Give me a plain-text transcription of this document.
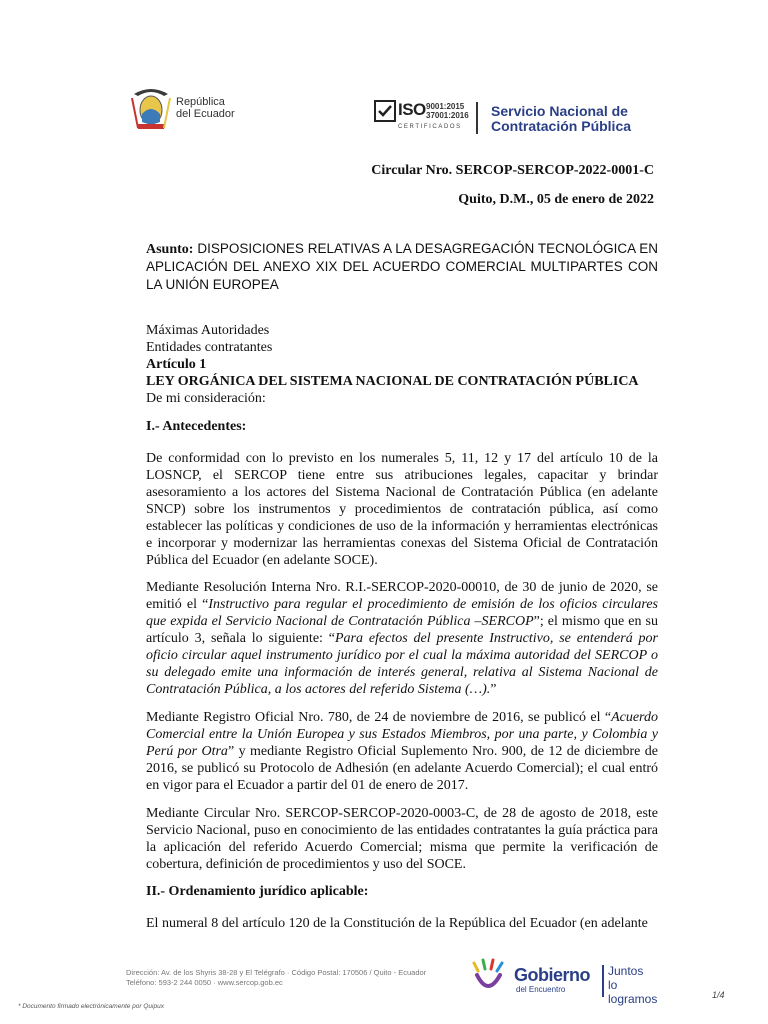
República
del Ecuador	ISO 9001:2015
37001:2016
CERTIFICADOS
Servicio Nacional de
Contratación Pública
Circular Nro. SERCOP-SERCOP-2022-0001-C
Quito, D.M., 05 de enero de 2022

Asunto: DISPOSICIONES RELATIVAS A LA DESAGREGACIÓN TECNOLÓGICA EN APLICACIÓN DEL ANEXO XIX DEL ACUERDO COMERCIAL MULTIPARTES CON LA UNIÓN EUROPEA

Máximas Autoridades

Entidades contratantes

Artículo 1

LEY ORGÁNICA DEL SISTEMA NACIONAL DE CONTRATACIÓN PÚBLICA

De mi consideración:

I.- Antecedentes:

De conformidad con lo previsto en los numerales 5, 11, 12 y 17 del artículo 10 de la LOSNCP, el SERCOP tiene entre sus atribuciones legales, capacitar y brindar asesoramiento a los actores del Sistema Nacional de Contratación Pública (en adelante SNCP) sobre los instrumentos y procedimientos de contratación pública, así como establecer las políticas y condiciones de uso de la información y herramientas electrónicas e incorporar y modernizar las herramientas conexas del Sistema Oficial de Contratación Pública del Ecuador (en adelante SOCE).

Mediante Resolución Interna Nro. R.I.-SERCOP-2020-00010, de 30 de junio de 2020, se emitió el “Instructivo para regular el procedimiento de emisión de los oficios circulares que expida el Servicio Nacional de Contratación Pública –SERCOP”; el mismo que en su artículo 3, señala lo siguiente: “Para efectos del presente Instructivo, se entenderá por oficio circular aquel instrumento jurídico por el cual la máxima autoridad del SERCOP o su delegado emite una información de interés general, relativa al Sistema Nacional de Contratación Pública, a los actores del referido Sistema (…).”

Mediante Registro Oficial Nro. 780, de 24 de noviembre de 2016, se publicó el “Acuerdo Comercial entre la Unión Europea y sus Estados Miembros, por una parte, y Colombia y Perú por Otra” y mediante Registro Oficial Suplemento Nro. 900, de 12 de diciembre de 2016, se publicó su Protocolo de Adhesión (en adelante Acuerdo Comercial); el cual entró en vigor para el Ecuador a partir del 01 de enero de 2017.

Mediante Circular Nro. SERCOP-SERCOP-2020-0003-C, de 28 de agosto de 2018, este Servicio Nacional, puso en conocimiento de las entidades contratantes la guía práctica para la aplicación del referido Acuerdo Comercial; misma que permite la verificación de cobertura, definición de procedimientos y uso del SOCE.

II.- Ordenamiento jurídico aplicable:

El numeral 8 del artículo 120 de la Constitución de la República del Ecuador (en adelante

Dirección: Av. de los Shyris 38-28 y El Telégrafo · Código Postal: 170506 / Quito - Ecuador
Teléfono: 593-2 244 0050 · www.sercop.gob.ec	Gobierno
del Encuentro
Juntos
lo logramos	1/4
* Documento firmado electrónicamente por Quipux
